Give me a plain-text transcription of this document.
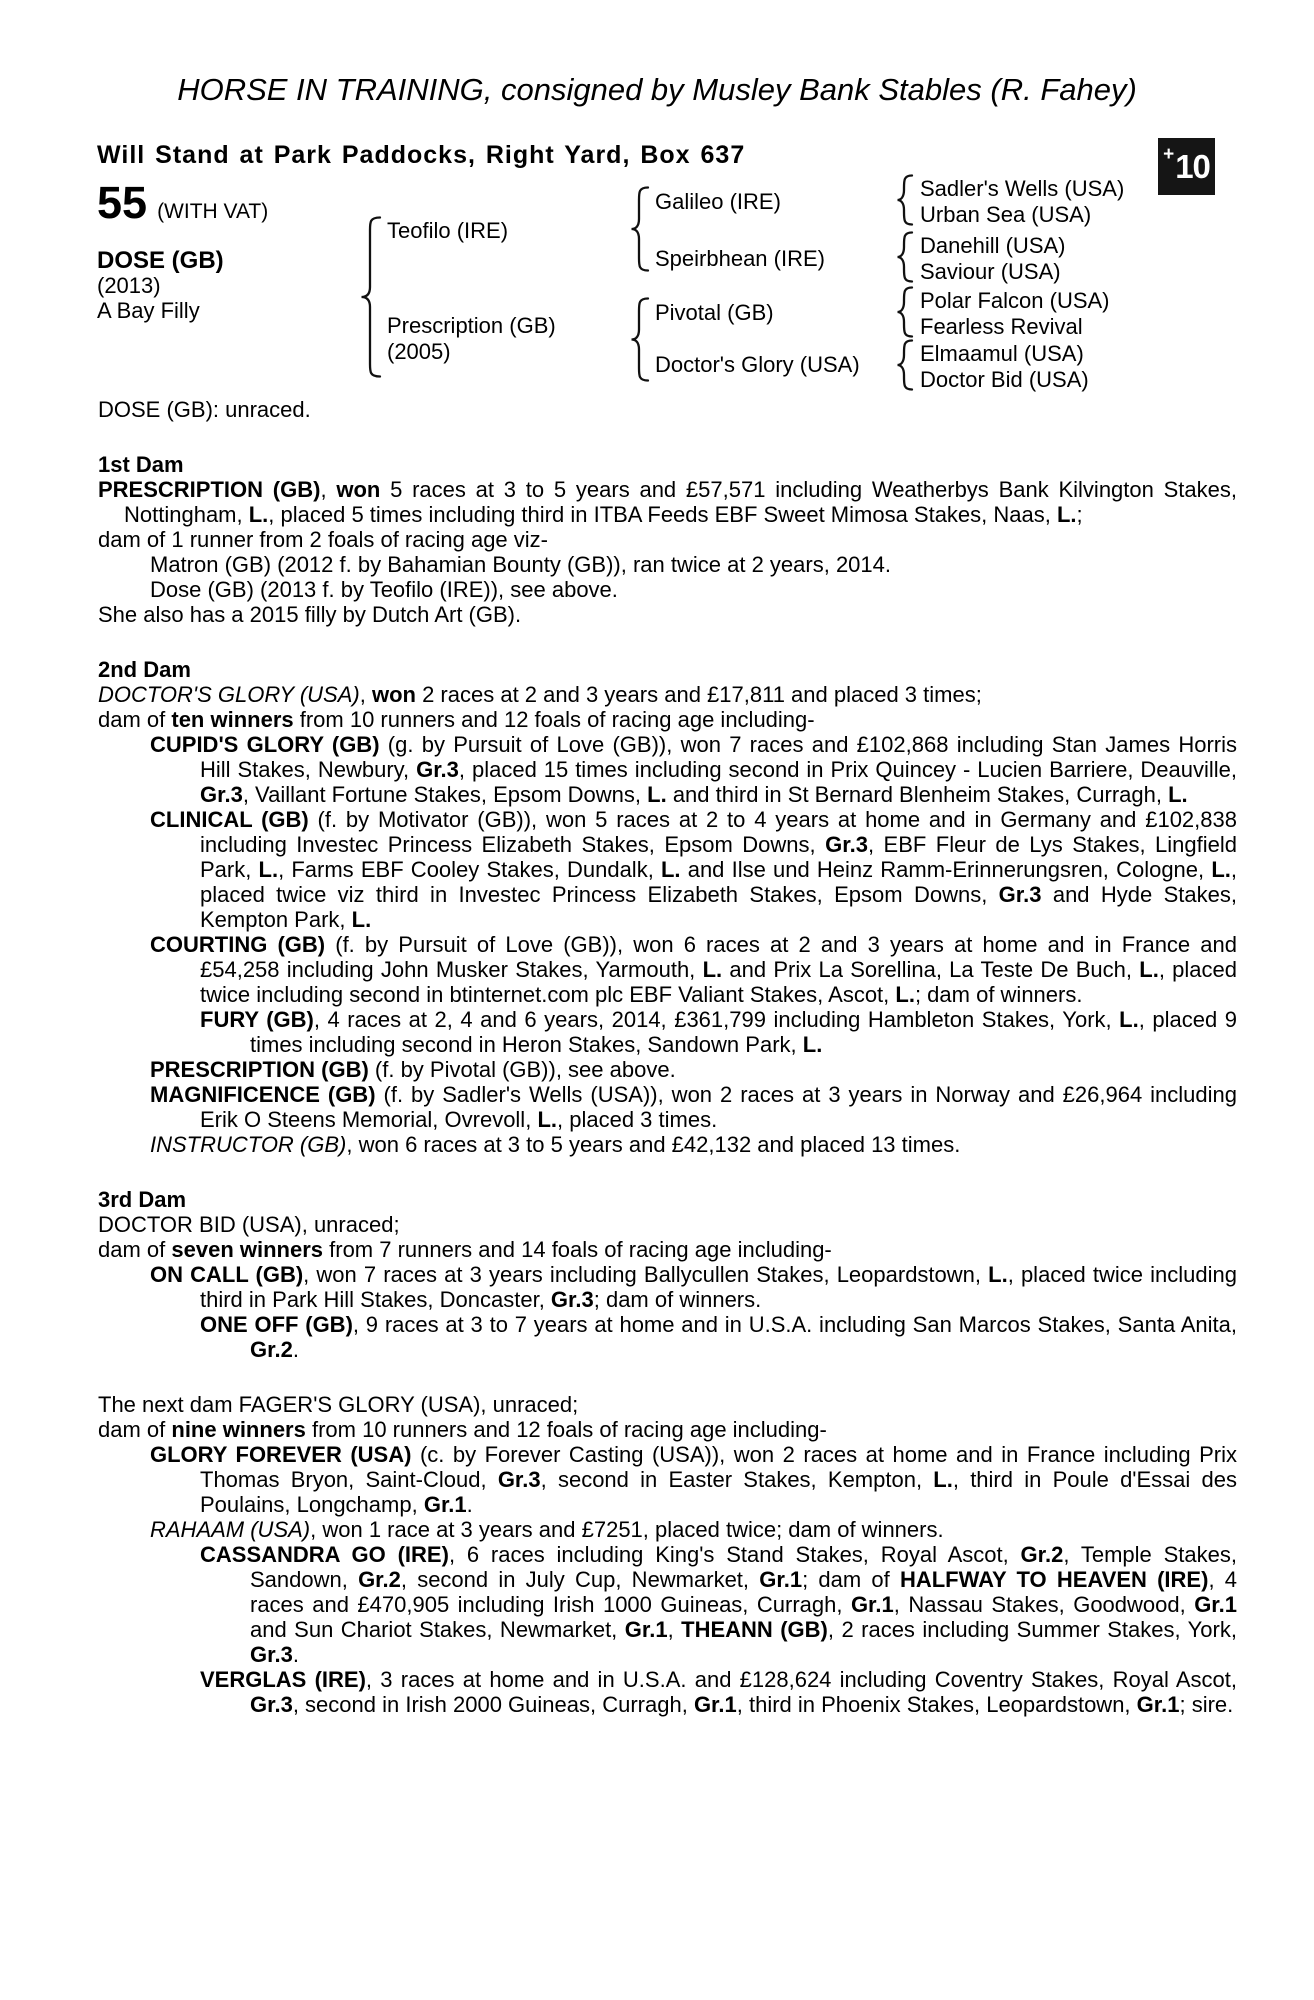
HORSE IN TRAINING, consigned by Musley Bank Stables (R. Fahey)
Will Stand at Park Paddocks, Right Yard, Box 637	+ 10
55 (WITH VAT)
DOSE (GB)
(2013)
A Bay Filly
Teofilo (IRE)
Prescription (GB)
(2005)
Galileo (IRE)
Speirbhean (IRE)
Pivotal (GB)
Doctor's Glory (USA)
Sadler's Wells (USA)
Urban Sea (USA)
Danehill (USA)
Saviour (USA)
Polar Falcon (USA)
Fearless Revival
Elmaamul (USA)
Doctor Bid (USA)

DOSE (GB): unraced.

1st Dam

PRESCRIPTION (GB), won 5 races at 3 to 5 years and £57,571 including Weatherbys Bank Kilvington Stakes, Nottingham, L., placed 5 times including third in ITBA Feeds EBF Sweet Mimosa Stakes, Naas, L.;

dam of 1 runner from 2 foals of racing age viz-

Matron (GB) (2012 f. by Bahamian Bounty (GB)), ran twice at 2 years, 2014.

Dose (GB) (2013 f. by Teofilo (IRE)), see above.

She also has a 2015 filly by Dutch Art (GB).

2nd Dam

DOCTOR'S GLORY (USA), won 2 races at 2 and 3 years and £17,811 and placed 3 times;

dam of ten winners from 10 runners and 12 foals of racing age including-

CUPID'S GLORY (GB) (g. by Pursuit of Love (GB)), won 7 races and £102,868 including Stan James Horris Hill Stakes, Newbury, Gr.3, placed 15 times including second in Prix Quincey - Lucien Barriere, Deauville, Gr.3, Vaillant Fortune Stakes, Epsom Downs, L. and third in St Bernard Blenheim Stakes, Curragh, L.

CLINICAL (GB) (f. by Motivator (GB)), won 5 races at 2 to 4 years at home and in Germany and £102,838 including Investec Princess Elizabeth Stakes, Epsom Downs, Gr.3, EBF Fleur de Lys Stakes, Lingfield Park, L., Farms EBF Cooley Stakes, Dundalk, L. and Ilse und Heinz Ramm-Erinnerungsren, Cologne, L., placed twice viz third in Investec Princess Elizabeth Stakes, Epsom Downs, Gr.3 and Hyde Stakes, Kempton Park, L.

COURTING (GB) (f. by Pursuit of Love (GB)), won 6 races at 2 and 3 years at home and in France and £54,258 including John Musker Stakes, Yarmouth, L. and Prix La Sorellina, La Teste De Buch, L., placed twice including second in btinternet.com plc EBF Valiant Stakes, Ascot, L.; dam of winners.

FURY (GB), 4 races at 2, 4 and 6 years, 2014, £361,799 including Hambleton Stakes, York, L., placed 9 times including second in Heron Stakes, Sandown Park, L.

PRESCRIPTION (GB) (f. by Pivotal (GB)), see above.

MAGNIFICENCE (GB) (f. by Sadler's Wells (USA)), won 2 races at 3 years in Norway and £26,964 including Erik O Steens Memorial, Ovrevoll, L., placed 3 times.

INSTRUCTOR (GB), won 6 races at 3 to 5 years and £42,132 and placed 13 times.

3rd Dam

DOCTOR BID (USA), unraced;

dam of seven winners from 7 runners and 14 foals of racing age including-

ON CALL (GB), won 7 races at 3 years including Ballycullen Stakes, Leopardstown, L., placed twice including third in Park Hill Stakes, Doncaster, Gr.3; dam of winners.

ONE OFF (GB), 9 races at 3 to 7 years at home and in U.S.A. including San Marcos Stakes, Santa Anita, Gr.2.

The next dam FAGER'S GLORY (USA), unraced;

dam of nine winners from 10 runners and 12 foals of racing age including-

GLORY FOREVER (USA) (c. by Forever Casting (USA)), won 2 races at home and in France including Prix Thomas Bryon, Saint-Cloud, Gr.3, second in Easter Stakes, Kempton, L., third in Poule d'Essai des Poulains, Longchamp, Gr.1.

RAHAAM (USA), won 1 race at 3 years and £7251, placed twice; dam of winners.

CASSANDRA GO (IRE), 6 races including King's Stand Stakes, Royal Ascot, Gr.2, Temple Stakes, Sandown, Gr.2, second in July Cup, Newmarket, Gr.1; dam of HALFWAY TO HEAVEN (IRE), 4 races and £470,905 including Irish 1000 Guineas, Curragh, Gr.1, Nassau Stakes, Goodwood, Gr.1 and Sun Chariot Stakes, Newmarket, Gr.1, THEANN (GB), 2 races including Summer Stakes, York, Gr.3.

VERGLAS (IRE), 3 races at home and in U.S.A. and £128,624 including Coventry Stakes, Royal Ascot, Gr.3, second in Irish 2000 Guineas, Curragh, Gr.1, third in Phoenix Stakes, Leopardstown, Gr.1; sire.
